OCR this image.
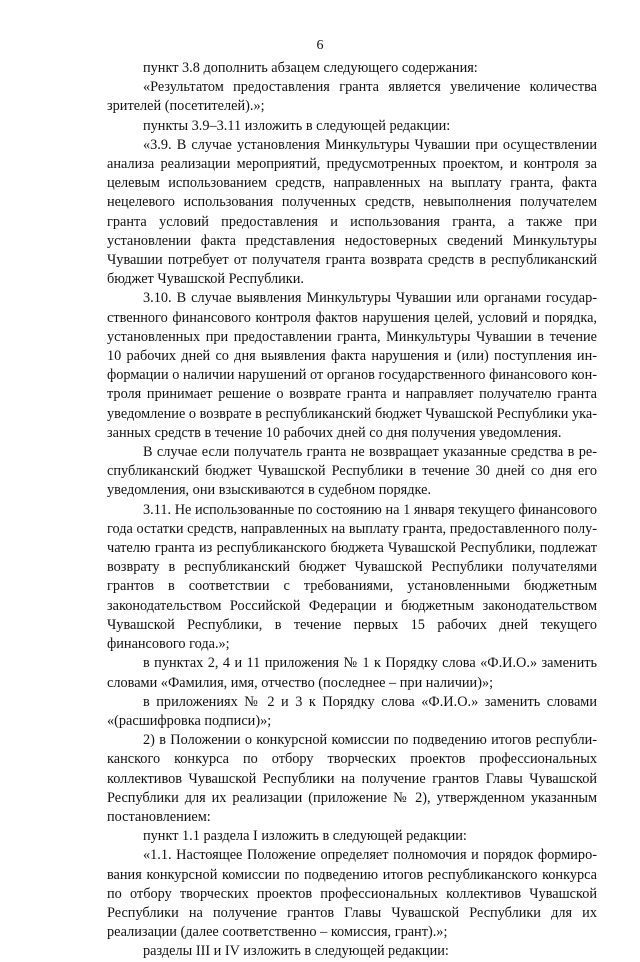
6

пункт 3.8 дополнить абзацем следующего содержания:

«Результатом предоставления гранта является увеличение количества зрителей (посетителей).»;

пункты 3.9–3.11 изложить в следующей редакции:

«3.9. В случае установления Минкультуры Чувашии при осуществлении анализа реализации мероприятий, предусмотренных проектом, и контроля за целевым использованием средств, направленных на выплату гранта, факта нецелевого использования полученных средств, невыполнения получателем гранта условий предоставления и использования гранта, а также при установлении факта представления недостоверных сведений Минкультуры Чувашии потребует от получателя гранта возврата средств в республиканский бюджет Чувашской Республики.

3.10. В случае выявления Минкультуры Чувашии или органами государственного финансового контроля фактов нарушения целей, условий и порядка, установленных при предоставлении гранта, Минкультуры Чувашии в течение 10 рабочих дней со дня выявления факта нарушения и (или) поступления информации о наличии нарушений от органов государственного финансового контроля принимает решение о возврате гранта и направляет получателю гранта уведомление о возврате в республиканский бюджет Чувашской Республики указанных средств в течение 10 рабочих дней со дня получения уведомления.

В случае если получатель гранта не возвращает указанные средства в республиканский бюджет Чувашской Республики в течение 30 дней со дня его уведомления, они взыскиваются в судебном порядке.

3.11. Не использованные по состоянию на 1 января текущего финансового года остатки средств, направленных на выплату гранта, предоставленного получателю гранта из республиканского бюджета Чувашской Республики, подлежат возврату в республиканский бюджет Чувашской Республики получателями грантов в соответствии с требованиями, установленными бюджетным законодательством Российской Федерации и бюджетным законодательством Чувашской Республики, в течение первых 15 рабочих дней текущего финансового года.»;

в пунктах 2, 4 и 11 приложения № 1 к Порядку слова «Ф.И.О.» заменить словами «Фамилия, имя, отчество (последнее – при наличии)»;

в приложениях № 2 и 3 к Порядку слова «Ф.И.О.» заменить словами «(расшифровка подписи)»;

2) в Положении о конкурсной комиссии по подведению итогов республиканского конкурса по отбору творческих проектов профессиональных коллективов Чувашской Республики на получение грантов Главы Чувашской Республики для их реализации (приложение № 2), утвержденном указанным постановлением:

пункт 1.1 раздела I изложить в следующей редакции:

«1.1. Настоящее Положение определяет полномочия и порядок формирования конкурсной комиссии по подведению итогов республиканского конкурса по отбору творческих проектов профессиональных коллективов Чувашской Республики на получение грантов Главы Чувашской Республики для их реализации (далее соответственно – комиссия, грант).»;

разделы III и IV изложить в следующей редакции:
